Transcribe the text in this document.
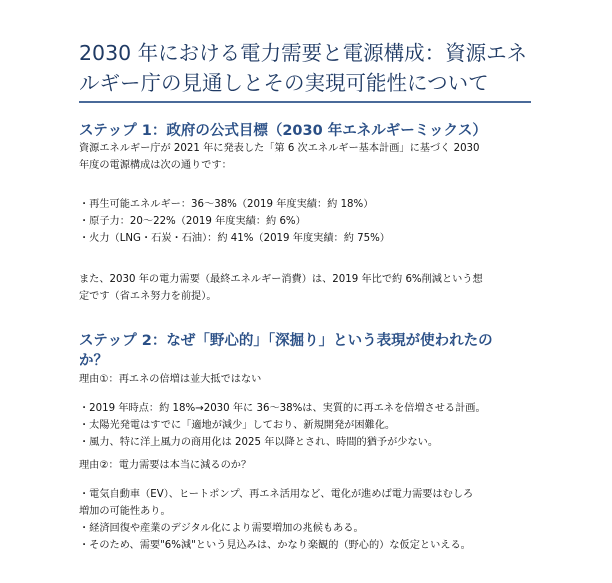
2030 年における電力需要と電源構成：資源エネ
ルギー庁の見通しとその実現可能性について
ステップ 1：政府の公式目標（2030 年エネルギーミックス）
資源エネルギー庁が 2021 年に発表した「第 6 次エネルギー基本計画」に基づく 2030
年度の電源構成は次の通りです：
・再生可能エネルギー：36〜38%（2019 年度実績：約 18%）
・原子力：20〜22%（2019 年度実績：約 6%）
・火力（LNG・石炭・石油）：約 41%（2019 年度実績：約 75%）
また、2030 年の電力需要（最終エネルギー消費）は、2019 年比で約 6%削減という想
定です（省エネ努力を前提）。
ステップ 2：なぜ「野心的」「深掘り」という表現が使われたの
か？
理由①：再エネの倍増は並大抵ではない
・2019 年時点：約 18%→2030 年に 36〜38%は、実質的に再エネを倍増させる計画。
・太陽光発電はすでに「適地が減少」しており、新規開発が困難化。
・風力、特に洋上風力の商用化は 2025 年以降とされ、時間的猶予が少ない。
理由②：電力需要は本当に減るのか？
・電気自動車（EV）、ヒートポンプ、再エネ活用など、電化が進めば電力需要はむしろ
増加の可能性あり。
・経済回復や産業のデジタル化により需要増加の兆候もある。
・そのため、需要"6%減"という見込みは、かなり楽観的（野心的）な仮定といえる。
